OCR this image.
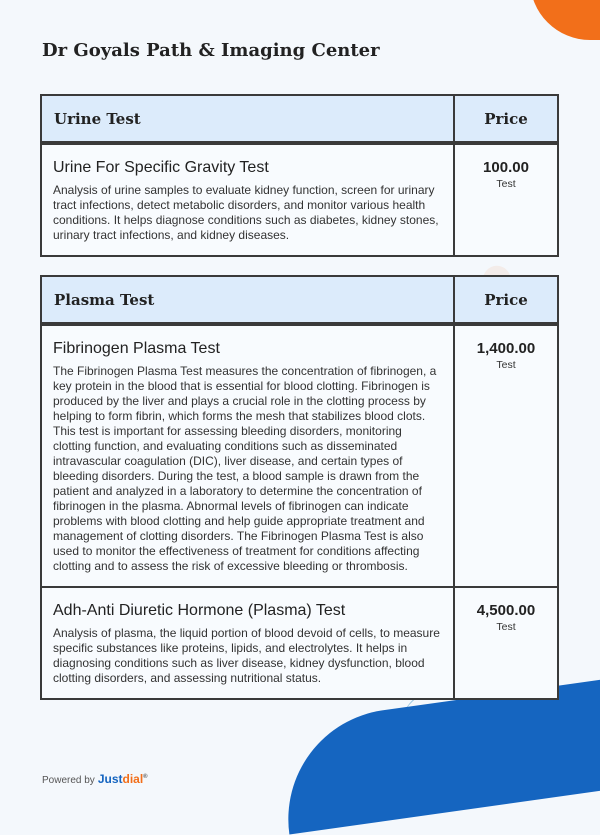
Dr Goyals Path & Imaging Center
Urine Test	Price

Urine For Specific Gravity Test

Analysis of urine samples to evaluate kidney function, screen for urinary tract infections, detect metabolic disorders, and monitor various health conditions. It helps diagnose conditions such as diabetes, kidney stones, urinary tract infections, and kidney diseases.

100.00
Test
Plasma Test	Price

Fibrinogen Plasma Test

The Fibrinogen Plasma Test measures the concentration of fibrinogen, a key protein in the blood that is essential for blood clotting. Fibrinogen is produced by the liver and plays a crucial role in the clotting process by helping to form fibrin, which forms the mesh that stabilizes blood clots. This test is important for assessing bleeding disorders, monitoring clotting function, and evaluating conditions such as disseminated intravascular coagulation (DIC), liver disease, and certain types of bleeding disorders. During the test, a blood sample is drawn from the patient and analyzed in a laboratory to determine the concentration of fibrinogen in the plasma. Abnormal levels of fibrinogen can indicate problems with blood clotting and help guide appropriate treatment and management of clotting disorders. The Fibrinogen Plasma Test is also used to monitor the effectiveness of treatment for conditions affecting clotting and to assess the risk of excessive bleeding or thrombosis.

1,400.00
Test

Adh-Anti Diuretic Hormone (Plasma) Test

Analysis of plasma, the liquid portion of blood devoid of cells, to measure specific substances like proteins, lipids, and electrolytes. It helps in diagnosing conditions such as liver disease, kidney dysfunction, blood clotting disorders, and assessing nutritional status.

4,500.00
Test
Powered by Justdial®
